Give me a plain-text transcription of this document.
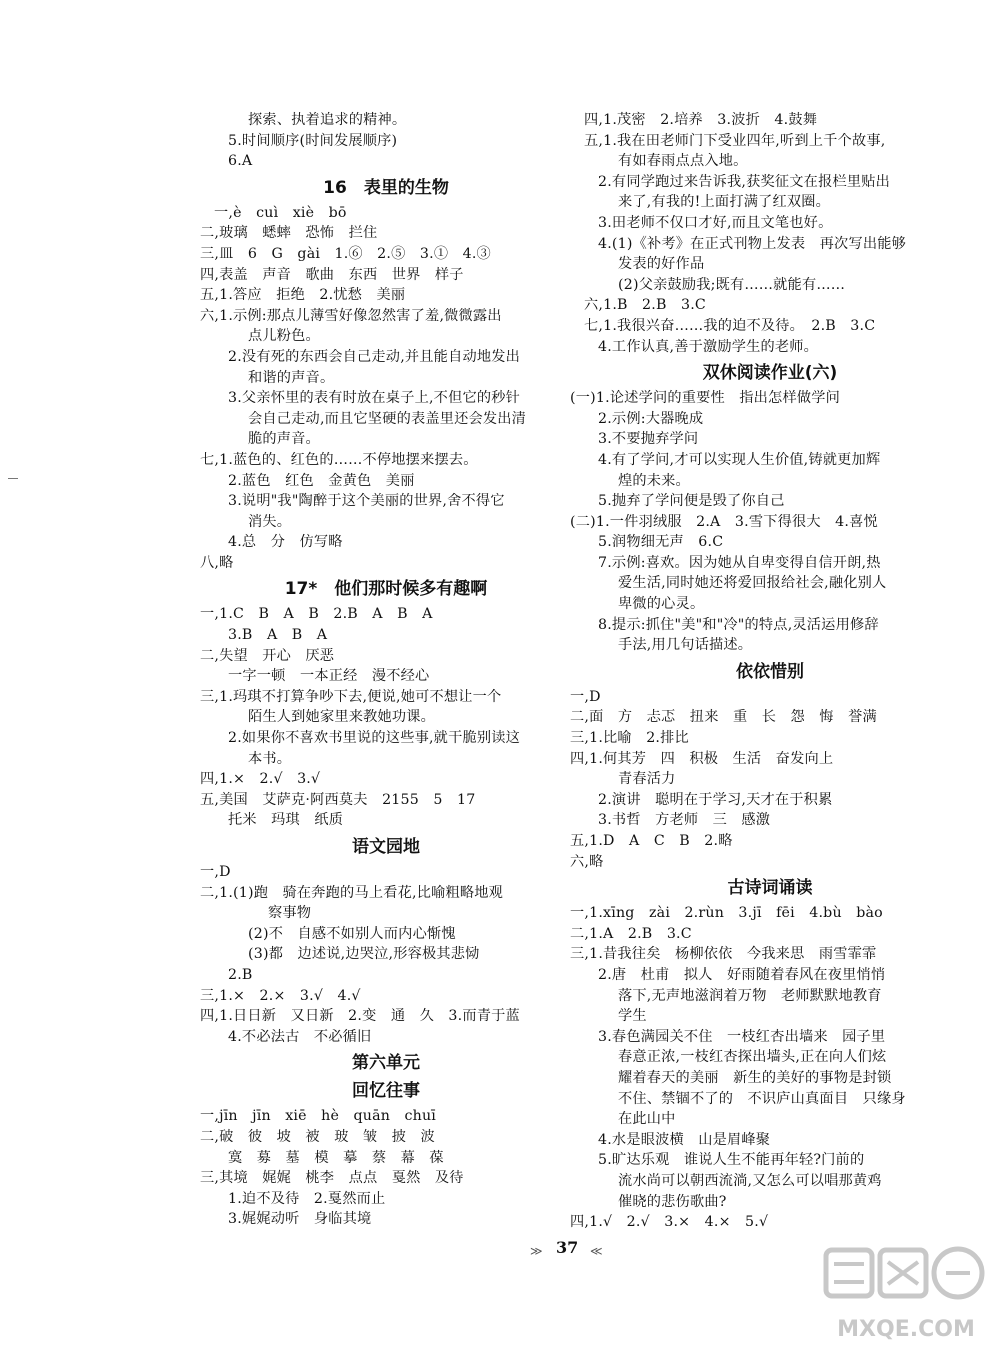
探索、执着追求的精神。
5.时间顺序(时间发展顺序)
6.A
16　表里的生物
一,è　cuì　xiè　bō
二,玻璃　蟋蟀　恐怖　拦住
三,皿　6　G　gài　1.⑥　2.⑤　3.①　4.③
四,表盖　声音　歌曲　东西　世界　样子
五,1.答应　拒绝　2.忧愁　美丽
六,1.示例:那点儿薄雪好像忽然害了羞,微微露出
点儿粉色。
2.没有死的东西会自己走动,并且能自动地发出
和谐的声音。
3.父亲怀里的表有时放在桌子上,不但它的秒针
会自己走动,而且它坚硬的表盖里还会发出清
脆的声音。
七,1.蓝色的、红色的……不停地摆来摆去。
2.蓝色　红色　金黄色　美丽
3.说明"我"陶醉于这个美丽的世界,舍不得它
消失。
4.总　分　仿写略
八,略
17*　他们那时候多有趣啊
一,1.C　B　A　B　2.B　A　B　A
3.B　A　B　A
二,失望　开心　厌恶
一字一顿　一本正经　漫不经心
三,1.玛琪不打算争吵下去,便说,她可不想让一个
陌生人到她家里来教她功课。
2.如果你不喜欢书里说的这些事,就干脆别读这
本书。
四,1.×　2.√　3.√
五,美国　艾萨克·阿西莫夫　2155　5　17
托米　玛琪　纸质
语文园地
一,D
二,1.(1)跑　骑在奔跑的马上看花,比喻粗略地观
察事物
(2)不　自感不如别人而内心惭愧
(3)都　边述说,边哭泣,形容极其悲恸
2.B
三,1.×　2.×　3.√　4.√
四,1.日日新　又日新　2.变　通　久　3.而青于蓝
4.不必法古　不必循旧
第六单元
回忆往事
一,jīn　jīn　xiē　hè　quān　chuī
二,破　彼　坡　被　玻　皱　披　波
寞　募　墓　模　摹　蔡　幕　葆
三,其境　娓娓　桃李　点点　戛然　及待
1.迫不及待　2.戛然而止
3.娓娓动听　身临其境
四,1.茂密　2.培养　3.波折　4.鼓舞
五,1.我在田老师门下受业四年,听到上千个故事,
有如春雨点点入地。
2.有同学跑过来告诉我,获奖征文在报栏里贴出
来了,有我的!上面打满了红双圈。
3.田老师不仅口才好,而且文笔也好。
4.(1)《补考》在正式刊物上发表　再次写出能够
发表的好作品
(2)父亲鼓励我;既有……就能有……
六,1.B　2.B　3.C
七,1.我很兴奋……我的迫不及待。　2.B　3.C
4.工作认真,善于激励学生的老师。
双休阅读作业(六)
(一)1.论述学问的重要性　指出怎样做学问
2.示例:大器晚成
3.不要抛弃学问
4.有了学问,才可以实现人生价值,铸就更加辉
煌的未来。
5.抛弃了学问便是毁了你自己
(二)1.一件羽绒服　2.A　3.雪下得很大　4.喜悦
5.润物细无声　6.C
7.示例:喜欢。因为她从自卑变得自信开朗,热
爱生活,同时她还将爱回报给社会,融化别人
卑微的心灵。
8.提示:抓住"美"和"冷"的特点,灵活运用修辞
手法,用几句话描述。
依依惜别
一,D
二,面　方　忐忑　扭来　重　长　怨　悔　誉满
三,1.比喻　2.排比
四,1.何其芳　四　积极　生活　奋发向上
青春活力
2.演讲　聪明在于学习,天才在于积累
3.书哲　方老师　三　感激
五,1.D　A　C　B　2.略
六,略
古诗词诵读
一,1.xīng　zài　2.rùn　3.jī　fēi　4.bù　bào
二,1.A　2.B　3.C
三,1.昔我往矣　杨柳依依　今我来思　雨雪霏霏
2.唐　杜甫　拟人　好雨随着春风在夜里悄悄
落下,无声地滋润着万物　老师默默地教育
学生
3.春色满园关不住　一枝红杏出墙来　园子里
春意正浓,一枝红杏探出墙头,正在向人们炫
耀着春天的美丽　新生的美好的事物是封锁
不住、禁锢不了的　不识庐山真面目　只缘身
在此山中
4.水是眼波横　山是眉峰聚
5.旷达乐观　谁说人生不能再年轻?门前的
流水尚可以朝西流淌,又怎么可以唱那黄鸡
催晓的悲伤歌曲?
四,1.√　2.√　3.×　4.×　5.√
≫ 37 ≪
MXQE.COM
